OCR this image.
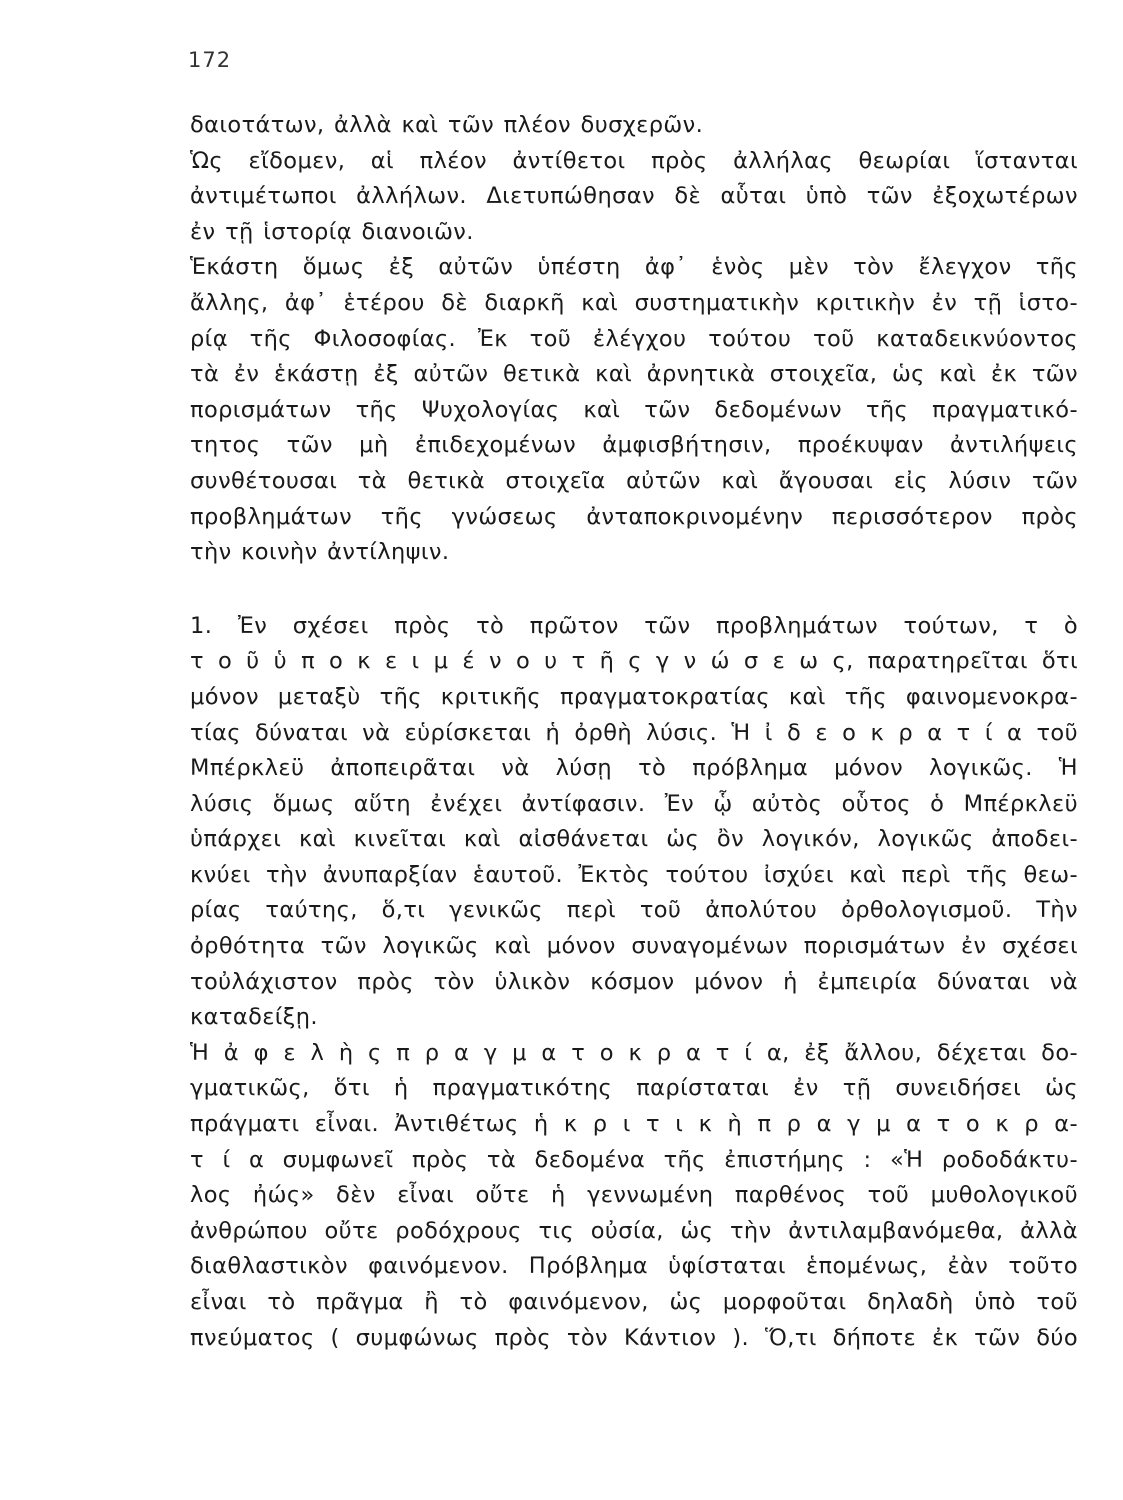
172
δαιοτάτων, ἀλλὰ καὶ τῶν πλέον δυσχερῶν.
Ὡς εἴδομεν, αἱ πλέον ἀντίθετοι πρὸς ἀλλήλας θεωρίαι ἵστανται
ἀντιμέτωποι ἀλλήλων. Διετυπώθησαν δὲ αὗται ὑπὸ τῶν ἐξοχωτέρων
ἐν τῇ ἱστορίᾳ διανοιῶν.
Ἑκάστη ὅμως ἐξ αὐτῶν ὑπέστη ἀφ᾽ ἑνὸς μὲν τὸν ἔλεγχον τῆς
ἄλλης, ἀφ᾽ ἑτέρου δὲ διαρκῆ καὶ συστηματικὴν κριτικὴν ἐν τῇ ἱστο-
ρίᾳ τῆς Φιλοσοφίας. Ἐκ τοῦ ἐλέγχου τούτου τοῦ καταδεικνύοντος
τὰ ἐν ἑκάστῃ ἐξ αὐτῶν θετικὰ καὶ ἀρνητικὰ στοιχεῖα, ὡς καὶ ἐκ τῶν
πορισμάτων τῆς Ψυχολογίας καὶ τῶν δεδομένων τῆς πραγματικό-
τητος τῶν μὴ ἐπιδεχομένων ἀμφισβήτησιν, προέκυψαν ἀντιλήψεις
συνθέτουσαι τὰ θετικὰ στοιχεῖα αὐτῶν καὶ ἄγουσαι εἰς λύσιν τῶν
προβλημάτων τῆς γνώσεως ἀνταποκρινομένην περισσότερον πρὸς
τὴν κοινὴν ἀντίληψιν.
1. Ἐν σχέσει πρὸς τὸ πρῶτον τῶν προβλημάτων τούτων, τ ὸ
τ ο ῦ ὑ π ο κ ε ι μ έ ν ο υ τ ῆ ς γ ν ώ σ ε ω ς, παρατηρεῖται ὅτι
μόνον μεταξὺ τῆς κριτικῆς πραγματοκρατίας καὶ τῆς φαινομενοκρα-
τίας δύναται νὰ εὑρίσκεται ἡ ὀρθὴ λύσις. Ἡ ἰ δ ε ο κ ρ α τ ί α τοῦ
Μπέρκλεϋ ἀποπειρᾶται νὰ λύσῃ τὸ πρόβλημα μόνον λογικῶς. Ἡ
λύσις ὅμως αὕτη ἐνέχει ἀντίφασιν. Ἐν ᾧ αὐτὸς οὗτος ὁ Μπέρκλεϋ
ὑπάρχει καὶ κινεῖται καὶ αἰσθάνεται ὡς ὂν λογικόν, λογικῶς ἀποδει-
κνύει τὴν ἀνυπαρξίαν ἑαυτοῦ. Ἐκτὸς τούτου ἰσχύει καὶ περὶ τῆς θεω-
ρίας ταύτης, ὅ,τι γενικῶς περὶ τοῦ ἀπολύτου ὀρθολογισμοῦ. Τὴν
ὀρθότητα τῶν λογικῶς καὶ μόνον συναγομένων πορισμάτων ἐν σχέσει
τοὐλάχιστον πρὸς τὸν ὑλικὸν κόσμον μόνον ἡ ἐμπειρία δύναται νὰ
καταδείξῃ.
Ἡ ἀ φ ε λ ὴ ς π ρ α γ μ α τ ο κ ρ α τ ί α, ἐξ ἄλλου, δέχεται δο-
γματικῶς, ὅτι ἡ πραγματικότης παρίσταται ἐν τῇ συνειδήσει ὡς
πράγματι εἶναι. Ἀντιθέτως ἡ κ ρ ι τ ι κ ὴ π ρ α γ μ α τ ο κ ρ α-
τ ί α συμφωνεῖ πρὸς τὰ δεδομένα τῆς ἐπιστήμης : «Ἡ ροδοδάκτυ-
λος ἠώς» δὲν εἶναι οὔτε ἡ γεννωμένη παρθένος τοῦ μυθολογικοῦ
ἀνθρώπου οὔτε ροδόχρους τις οὐσία, ὡς τὴν ἀντιλαμβανόμεθα, ἀλλὰ
διαθλαστικὸν φαινόμενον. Πρόβλημα ὑφίσταται ἑπομένως, ἐὰν τοῦτο
εἶναι τὸ πρᾶγμα ἢ τὸ φαινόμενον, ὡς μορφοῦται δηλαδὴ ὑπὸ τοῦ
πνεύματος ( συμφώνως πρὸς τὸν Κάντιον ). Ὅ,τι δήποτε ἐκ τῶν δύο
